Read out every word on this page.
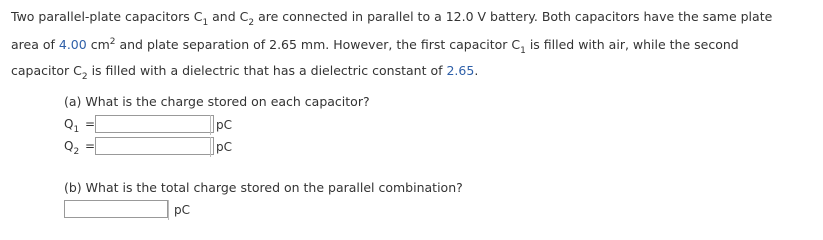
Two parallel-plate capacitors $C_1$ and $C_2$ are connected in parallel to a 12.0 V battery. Both capacitors have the same plate
area of 4.00 $cm^2$ and plate separation of 2.65 mm. However, the first capacitor $C_1$ is filled with air, while the second
capacitor $C_2$ is filled with a dielectric that has a dielectric constant of 2.65.
(a) What is the charge stored on each capacitor?
$Q_1$ =	pC
$Q_2$ =	pC
(b) What is the total charge stored on the parallel combination?
pC
